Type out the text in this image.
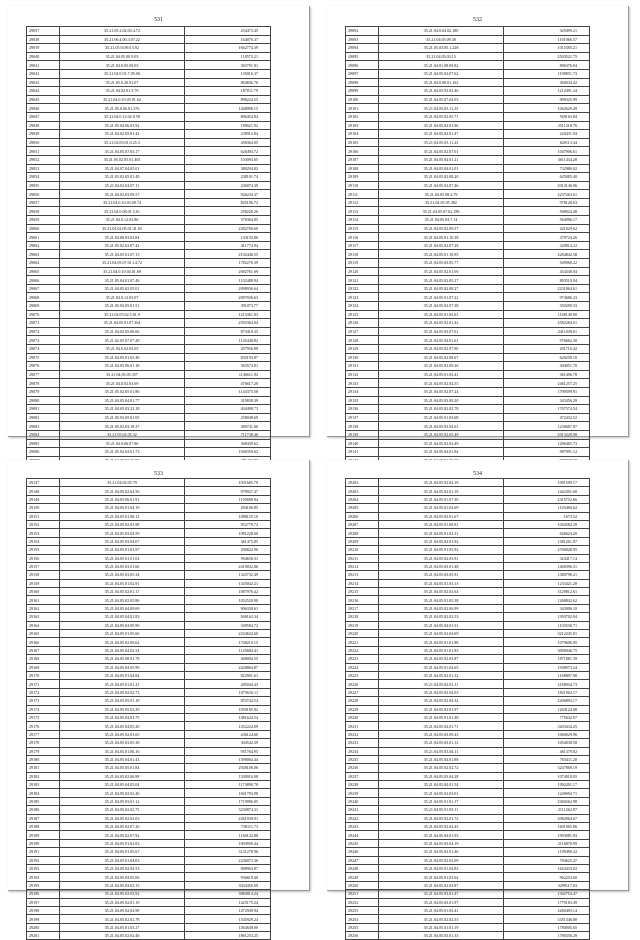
531
29037	35.21.05.2.02.03.4.72	254473.45
29038	35.21.06.4.00.3.07.22	164076.37
29039	35.21.05.0.08.0.3.92	1662774.39
29040	35.21.04.05.00.9.03	118573.21
29041	35.21.04.0.05.09.03	303791.81
29042	35.21.04.0.01.7.05.06	145016.37
29043	35.21.05.0.20.01.07	804836.76
29044	35.21.04.02.01.5.79	187011.79
29045	35.21.04.0.10.05.01.62	898224.55
29046	35.21.05.0.06.01.376	1448996.15
29047	35.21.04.0.12.02.0.58	806454.84
29048	35.21.05.04.06.03.92	189021.92
29049	35.21.04.02.05.01.42	238912.84
29050	35.21.02.05.01.0.25.3	458364.05
29051	35.21.04.05.07.03.17	626494.72
29052	35.21.05.02.05.01.465	103093.65
29053	35.21.04.07.04.05.01	380294.02
29054	35.21.03.02.05.01.49	238101.74
29055	35.21.04.02.04.07.11	236074.39
29056	35.21.04.02.03.09.57	926234.37
29057	35.21.04.0.10.03.09.74	825196.72
29058	35.21.04.0.08.01.5.61	258226.26
29059	35.21.04.0.12.02.86	376364.85
29060	35.21.04.02.05.01.41.83	2282706.60
29061	35.21.04.00.03.03.84	133192.86
29062	35.21.05.02.02.07.42	411774.94
29063	35.21.04.05.01.07.15	2192446.55
29064	35.21.04.05.07.01.14.72	1782276.39
29065	35.21.04.0.10.04.01.69	2692761.69
29066	35.21.05.04.01.07.46	1102488.94
29067	35.21.04.05.02.05.01	2098936.64
29068	35.21.04.0.12.05.07	2097036.63
29069	35.21.05.03.05.01.51	391073.77
29070	35.21.02.05.02.5.01.9	1213361.83
29071	35.21.04.05.01.07.364	2593364.04
29072	35.21.04.02.05.06.66	873410.35
29073	35.21.02.05.07.07.28	1145448.82
29074	35.21.04.0.02.03.05	457956.88
29075	35.21.04.05.01.05.48	835193.87
29076	35.21.04.05.06.01.18	563574.01
29077	35.21.04.05.05.357	1146611.92
29078	35.21.04.0.02.03.69	476617.20
29079	35.21.05.02.05.01.86	1143375.58
29080	35.21.04.05.04.01.77	319838.39
29081	35.21.04.05.03.22.18	404498.73
29082	35.21.05.03.05.01.65	258048.69
29083	35.21.05.02.03.18.37	380741.60
29084	35.21.05.02.05.32	711738.46
29085	35.21.04.0.06.07.86	368439.62
29086	35.21.05.02.04.01.73	1940359.62

532
29092	35.21.04.0.04.02.180	329499.21
29093	35.21.04.05.09.38	1101066.57
29094	35.21.05.03.05.1.228	1015385.21
29095	35.21.04.05.03.13	2503521.75
29096	35.21.04.01.08.09.82	896376.04
29097	35.21.04.05.02.07.62	1198851.73
29098	35.21.04.0.08.01.162	360034.42
29099	35.21.04.05.03.02.46	1212491.24
29100	35.21.04.05.07.04.03	909325.99
29101	35.21.04.05.03.11.25	1042629.49
29102	35.21.04.05.02.05.71	569163.84
29103	35.21.04.05.04.01.96	2511218.76
29104	35.21.04.05.04.01.47	220431.94
29105	35.21.04.05.03.11.23	620113.44
29106	35.21.04.05.02.07.01	1047906.61
29107	35.21.04.05.04.01.21	3611434.28
29108	35.21.04.05.04.01.01	732986.02
29109	35.21.04.05.02.08.20	625085.40
29110	35.21.04.05.02.07.46	2014146.96
29111	35.21.04.05.08.4.79	2237263.61
29112	35.21.04.05.05.382	978128.63
29113	35.21.04.05.07.02.189	568024.48
29114	35.21.04.05.04.7.14	564986.17
29115	35.21.04.05.02.09.57	421029.62
29116	35.21.04.05.01.10.38	379724.26
29117	35.21.04.05.02.07.28	320814.22
29118	35.21.04.05.01.10.95	2284842.38
29119	35.21.04.05.03.05.77	549068.22
29120	35.21.04.05.02.01.69	454340.04
29121	35.21.04.05.02.05.27	893519.94
29122	35.21.04.05.02.08.27	2231864.61
29123	35.21.04.05.01.07.22	974686.23
29124	35.21.04.05.02.07.38	350290.33
29125	35.21.04.05.01.05.61	1168149.90
29126	35.21.04.05.02.01.42	2582284.61
29127	35.21.04.05.03.07.61	2411039.61
29128	35.21.04.05.04.01.61	976662.30
29129	35.21.04.05.02.07.90	291716.42
29130	35.21.04.05.02.08.67	620258.10
29131	35.21.04.05.03.09.26	304051.70
29132	35.21.04.05.01.03.41	361496.78
29133	35.21.04.05.02.04.35	2461257.25
29134	35.21.04.05.02.07.24	1790599.91
29135	35.21.04.05.03.09.20	343456.29
29136	35.21.04.05.02.02.78	1707574.54
29137	35.21.04.05.01.03.68	472432.52
29138	35.21.04.05.03.04.61	1230667.97
29139	35.21.04.05.02.05.49	2913228.98
29140	35.21.04.05.02.03.49	1286465.73
29141	35.21.04.05.04.01.84	987091.12

533
29147	35.21.04.02.05.79	1031665.79
29148	35.21.04.05.02.04.56	979937.47
29149	35.21.04.05.06.01.91	1105698.84
29150	35.21.04.05.01.04.19	294106.85
29151	35.21.04.05.01.08.12	1088125.10
29152	35.21.04.05.02.03.98	952779.72
29153	35.21.04.05.03.04.59	1081228.60
29154	35.21.04.05.03.04.07	361475.85
29155	35.21.04.05.01.03.97	296824.96
29156	35.21.04.05.01.01.02	594658.31
29157	35.21.04.05.03.01.66	2410832.86
29158	35.21.04.05.03.05.34	1343732.49
29159	35.21.04.05.01.02.91	1345042.21
29160	35.21.04.05.02.01.17	1087976.42
29161	35.21.04.05.02.05.86	1052520.90
29162	35.21.04.05.04.09.69	906338.61
29163	35.21.04.05.04.01.83	846162.34
29164	35.21.04.05.04.09.99	339584.72
29165	35.21.04.05.01.05.60	2234632.60
29166	35.21.04.05.02.09.62	1748210.15
29167	35.21.04.05.04.02.54	1145684.41
29168	35.21.04.05.08.01.78	468004.55
29169	35.21.04.05.04.05.99	2428864.87
29170	35.21.04.05.01.04.84	822901.61
29171	35.21.04.05.01.01.21	285044.43
29172	35.21.04.05.02.02.73	1075616.11
29173	35.21.04.05.05.01.18	853744.54
29174	35.21.04.05.05.03.29	1059185.92
29175	35.21.04.05.04.01.75	1481624.54
29176	35.21.04.05.04.05.20	1452224.09
29177	35.21.04.05.02.03.65	436124.60
29178	35.21.04.05.03.05.38	304542.39
29179	35.21.04.05.01.06.16	951764.95
29180	35.21.04.05.04.01.43	1398064.44
29181	35.21.04.05.05.01.84	2928106.06
29182	35.21.04.05.02.06.98	1339016.08
29183	35.21.04.05.04.05.04	1173890.70
29184	35.21.04.05.02.02.40	1601793.98
29185	35.21.04.05.03.01.12	1719096.05
29186	35.21.04.05.02.02.75	3230874.31
29187	35.21.04.05.02.02.03	2261939.91
29188	35.21.04.05.02.07.20	738111.73
29189	35.21.04.05.02.07.92	1160132.88
29190	35.21.04.05.01.02.03	1094950.44
29191	35.21.04.05.01.05.67	3131278.96
29192	35.21.04.05.01.04.03	2236073.36
29193	35.21.04.05.02.04.53	808963.87
29194	35.21.04.05.04.05.06	936619.40
29195	35.21.04.05.04.02.15	3034450.69
29196	35.21.04.05.02.03.92	3084014.24
29197	35.21.04.05.02.01.19	1425175.24
29198	35.21.04.05.02.02.98	1472949.94
29199	35.21.04.05.02.02.78	1545929.24
29200	35.21.04.05.01.03.27	1563649.00
29201	35.21.04.05.02.02.46	1861253.25
534
29202	35.21.04.05.02.04.19	1091599.17
29203	35.21.04.05.02.01.18	1442301.60
29204	35.21.04.05.01.07.30	2315752.66
29205	35.21.04.05.01.02.69	1103460.62
29206	35.21.04.05.03.01.67	1673.52
29207	35.21.04.05.01.08.81	1044582.29
29208	35.21.04.05.01.02.31	626624.20
29209	35.21.04.05.04.01.92	1381261.87
29210	35.21.04.05.01.05.92	2760028.95
29211	35.21.04.05.02.03.91	324417.14
29212	35.21.04.05.03.01.48	1468396.31
29213	35.21.04.05.03.05.91	1380798.21
29214	35.21.04.05.01.03.13	1233421.28
29215	35.21.04.05.02.03.64	3129812.61
29216	35.21.04.05.01.05.38	1268842.62
29217	35.21.04.05.02.06.99	343906.10
29218	35.21.04.05.02.02.53	1393702.94
29219	35.21.04.05.04.01.51	1103530.71
29220	35.21.04.05.02.04.69	3212245.81
29221	35.21.04.05.01.01.88	1079606.95
29222	35.21.04.05.01.01.83	3096946.75
29223	35.21.04.05.02.03.87	1871881.39
29224	35.21.04.05.01.04.65	1938973.24
29225	35.21.04.05.02.01.32	1168807.90
29226	35.21.04.05.02.01.11	2168934.73
29227	35.21.04.05.03.04.03	1821962.17
29228	35.21.04.05.02.04.34	2206893.17
29229	35.21.04.05.03.01.97	1204124.68
29230	35.21.04.05.01.01.48	775632.97
29231	35.21.04.05.04.01.71	3203434.25
29232	35.21.04.05.03.09.43	1060029.96
29233	35.21.04.05.03.01.12	1054038.58
29234	35.21.04.05.03.04.11	461379.02
29235	35.21.04.05.04.01.88	763411.20
29236	35.21.04.05.02.02.72	3247869.19
29237	35.21.04.05.03.04.28	1074918.05
29238	35.21.04.05.04.01.54	1992201.17
29239	35.21.04.05.02.03.01	1249694.71
29240	35.21.04.05.01.01.17	2360262.98
29241	35.21.04.05.01.03.11	2111262.87
29242	35.21.04.05.02.01.72	2082964.67
29243	35.21.04.05.02.04.43	1601965.86
29244	35.21.04.05.04.01.93	1993081.83
29245	35.21.04.05.03.04.19	2116870.99
29246	35.21.04.05.02.01.46	1199490.22
29247	35.21.04.05.02.02.09	794625.47
29248	35.21.04.05.01.04.83	1624433.02
29249	35.21.04.05.01.03.64	962254.60
29250	35.21.04.05.02.03.87	3299117.63
29251	35.21.04.05.03.01.47	1302754.47
29252	35.21.04.05.03.01.97	1779183.49
29253	35.21.04.05.01.03.41	2260493.14
29254	35.21.04.05.02.02.53	3351346.80
29255	35.21.04.05.01.01.19	1780005.65
29256	35.21.04.05.03.01.33	1780356.29
